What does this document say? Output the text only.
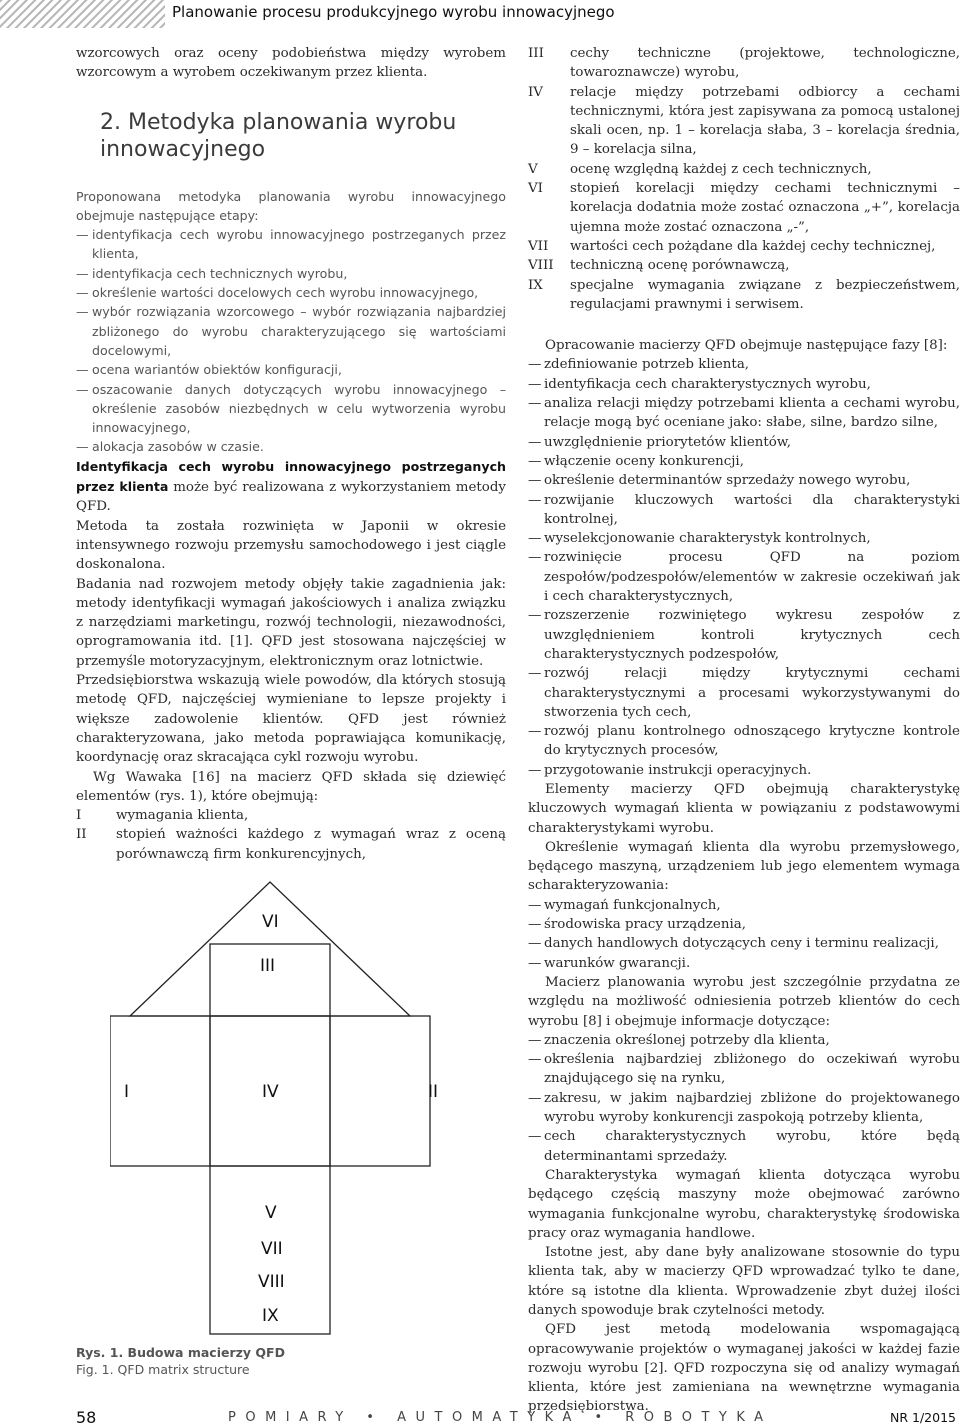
Planowanie procesu produkcyjnego wyrobu innowacyjnego

wzorcowych oraz oceny podobieństwa między wyrobem wzorcowym a wyrobem oczekiwanym przez klienta.

2. Metodyka planowania wyrobu
innowacyjnego

Proponowana metodyka planowania wyrobu innowacyjnego obejmuje następujące etapy:

— identyfikacja cech wyrobu innowacyjnego postrzeganych przez klienta,
— identyfikacja cech technicznych wyrobu,
— określenie wartości docelowych cech wyrobu innowacyjnego,
— wybór rozwiązania wzorcowego – wybór rozwiązania najbardziej zbliżonego do wyrobu charakteryzującego się wartościami docelowymi,
— ocena wariantów obiektów konfiguracji,
— oszacowanie danych dotyczących wyrobu innowacyjnego – określenie zasobów niezbędnych w celu wytworzenia wyrobu innowacyjnego,
— alokacja zasobów w czasie.

Identyfikacja cech wyrobu innowacyjnego postrzeganych przez klienta może być realizowana z wykorzystaniem metody QFD.

Metoda ta została rozwinięta w Japonii w okresie intensywnego rozwoju przemysłu samochodowego i jest ciągle doskonalona.

Badania nad rozwojem metody objęły takie zagadnienia jak: metody identyfikacji wymagań jakościowych i analiza związku z narzędziami marketingu, rozwój technologii, niezawodności, oprogramowania itd. [1]. QFD jest stosowana najczęściej w przemyśle motoryzacyjnym, elektronicznym oraz lotnictwie.

Przedsiębiorstwa wskazują wiele powodów, dla których stosują metodę QFD, najczęściej wymieniane to lepsze projekty i większe zadowolenie klientów. QFD jest również charakteryzowana, jako metoda poprawiająca komunikację, koordynację oraz skracająca cykl rozwoju wyrobu.

Wg Wawaka [16] na macierz QFD składa się dziewięć elementów (rys. 1), które obejmują:

I	wymagania klienta,
II	stopień ważności każdego z wymagań wraz z oceną porównawczą firm konkurencyjnych,
VI
III
I	IV	II
V
VII
VIII
IX
Rys. 1. Budowa macierzy QFD
Fig. 1. QFD matrix structure
III	cechy techniczne (projektowe, technologiczne, towaroznawcze) wyrobu,
IV	relacje między potrzebami odbiorcy a cechami technicznymi, która jest zapisywana za pomocą ustalonej skali ocen, np. 1 – korelacja słaba, 3 – korelacja średnia, 9 – korelacja silna,
V	ocenę względną każdej z cech technicznych,
VI	stopień korelacji między cechami technicznymi – korelacja dodatnia może zostać oznaczona „+”, korelacja ujemna może zostać oznaczona „-”,
VII	wartości cech pożądane dla każdej cechy technicznej,
VIII	techniczną ocenę porównawczą,
IX	specjalne wymagania związane z bezpieczeństwem, regulacjami prawnymi i serwisem.

Opracowanie macierzy QFD obejmuje następujące fazy [8]:

— zdefiniowanie potrzeb klienta,
— identyfikacja cech charakterystycznych wyrobu,
— analiza relacji między potrzebami klienta a cechami wyrobu, relacje mogą być oceniane jako: słabe, silne, bardzo silne,
— uwzględnienie priorytetów klientów,
— włączenie oceny konkurencji,
— określenie determinantów sprzedaży nowego wyrobu,
— rozwijanie kluczowych wartości dla charakterystyki kontrolnej,
— wyselekcjonowanie charakterystyk kontrolnych,
— rozwinięcie procesu QFD na poziom zespołów/podzespołów/elementów w zakresie oczekiwań jak i cech charakterystycznych,
— rozszerzenie rozwiniętego wykresu zespołów z uwzględnieniem kontroli krytycznych cech charakterystycznych podzespołów,
— rozwój relacji między krytycznymi cechami charakterystycznymi a procesami wykorzystywanymi do stworzenia tych cech,
— rozwój planu kontrolnego odnoszącego krytyczne kontrole do krytycznych procesów,
— przygotowanie instrukcji operacyjnych.

Elementy macierzy QFD obejmują charakterystykę kluczowych wymagań klienta w powiązaniu z podstawowymi charakterystykami wyrobu.

Określenie wymagań klienta dla wyrobu przemysłowego, będącego maszyną, urządzeniem lub jego elementem wymaga scharakteryzowania:

— wymagań funkcjonalnych,
— środowiska pracy urządzenia,
— danych handlowych dotyczących ceny i terminu realizacji,
— warunków gwarancji.

Macierz planowania wyrobu jest szczególnie przydatna ze względu na możliwość odniesienia potrzeb klientów do cech wyrobu [8] i obejmuje informacje dotyczące:

— znaczenia określonej potrzeby dla klienta,
— określenia najbardziej zbliżonego do oczekiwań wyrobu znajdującego się na rynku,
— zakresu, w jakim najbardziej zbliżone do projektowanego wyrobu wyroby konkurencji zaspokoją potrzeby klienta,
— cech charakterystycznych wyrobu, które będą determinantami sprzedaży.

Charakterystyka wymagań klienta dotycząca wyrobu będącego częścią maszyny może obejmować zarówno wymagania funkcjonalne wyrobu, charakterystykę środowiska pracy oraz wymagania handlowe.

Istotne jest, aby dane były analizowane stosownie do typu klienta tak, aby w macierzy QFD wprowadzać tylko te dane, które są istotne dla klienta. Wprowadzenie zbyt dużej ilości danych spowoduje brak czytelności metody.

QFD jest metodą modelowania wspomagającą opracowywanie projektów o wymaganej jakości w każdej fazie rozwoju wyrobu [2]. QFD rozpoczyna się od analizy wymagań klienta, które jest zamieniana na wewnętrzne wymagania przedsiębiorstwa.

58	POMIARY • AUTOMATYKA • ROBOTYKA	NR 1/2015
